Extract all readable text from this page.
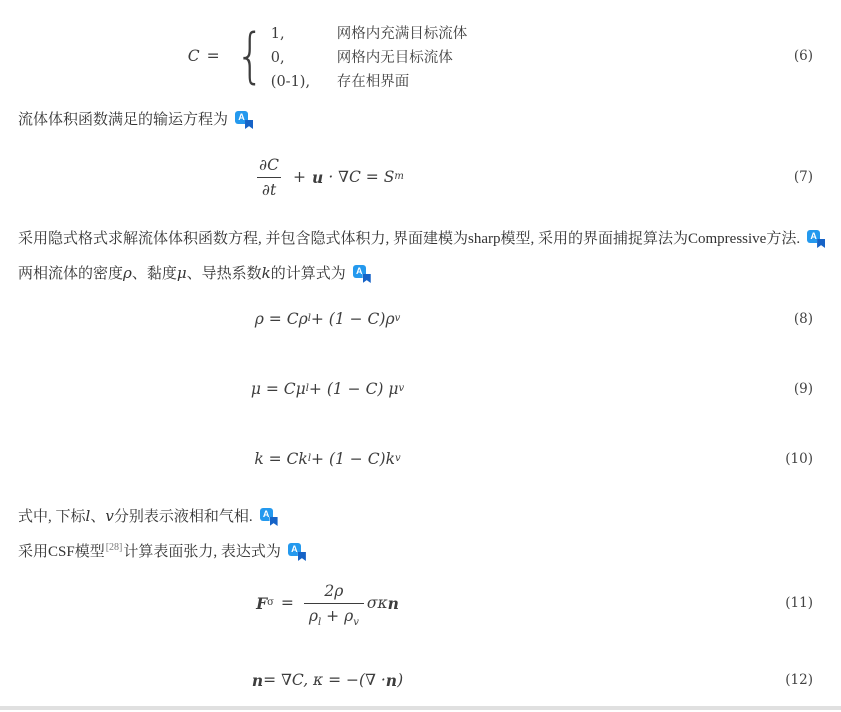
C = { 1,	网格内充满目标流体
0,	网格内无目标流体
(0-1),	存在相界面
(6)
流体体积函数满足的输运方程为	A
$\frac{\partial C}{\partial t} + u \cdot \nabla C = S$ m	(7)
采用隐式格式求解流体体积函数方程, 并包含隐式体积力, 界面建模为sharp模型, 采用的界面捕捉算法为Compressive方法.	A
两相流体的密度ρ、黏度μ、导热系数k的计算式为	A
ρ = Cρ l + (1 − C)ρ v	(8)
μ = Cμ l + (1 − C) μ v	(9)
k = Ck l + (1 − C)k v	(10)
式中, 下标l、v分别表示液相和气相.	A
采用CSF模型[28]计算表面张力, 表达式为	A
F $\sigma = \frac{2\rho}{\rho_l + \rho_v}$ σκ n	(11)
n = ∇C, κ = −(∇ · n )	(12)
